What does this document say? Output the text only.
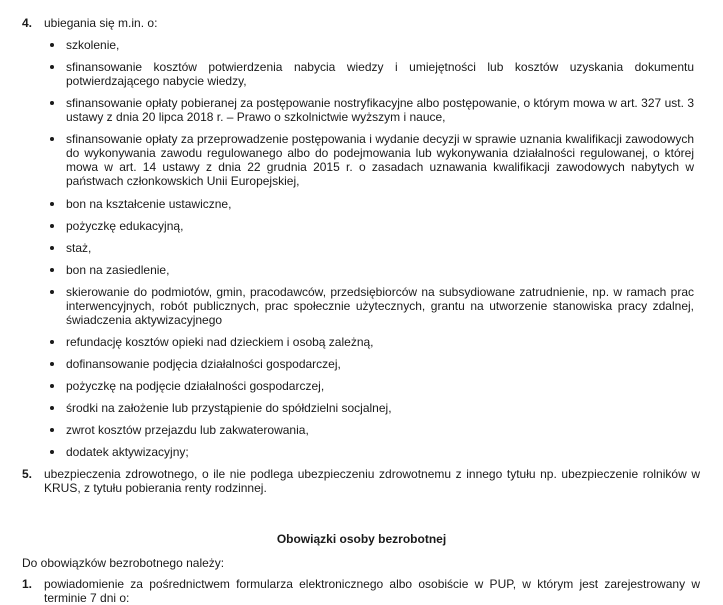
4. ubiegania się m.in. o:
szkolenie,
sfinansowanie kosztów potwierdzenia nabycia wiedzy i umiejętności lub kosztów uzyskania dokumentu potwierdzającego nabycie wiedzy,
sfinansowanie opłaty pobieranej za postępowanie nostryfikacyjne albo postępowanie, o którym mowa w art. 327 ust. 3 ustawy z dnia 20 lipca 2018 r. – Prawo o szkolnictwie wyższym i nauce,
sfinansowanie opłaty za przeprowadzenie postępowania i wydanie decyzji w sprawie uznania kwalifikacji zawodowych do wykonywania zawodu regulowanego albo do podejmowania lub wykonywania działalności regulowanej, o której mowa w art. 14 ustawy z dnia 22 grudnia 2015 r. o zasadach uznawania kwalifikacji zawodowych nabytych w państwach członkowskich Unii Europejskiej,
bon na kształcenie ustawiczne,
pożyczkę edukacyjną,
staż,
bon na zasiedlenie,
skierowanie do podmiotów, gmin, pracodawców, przedsiębiorców na subsydiowane zatrudnienie, np. w ramach prac interwencyjnych, robót publicznych, prac społecznie użytecznych, grantu na utworzenie stanowiska pracy zdalnej, świadczenia aktywizacyjnego
refundację kosztów opieki nad dzieckiem i osobą zależną,
dofinansowanie podjęcia działalności gospodarczej,
pożyczkę na podjęcie działalności gospodarczej,
środki na założenie lub przystąpienie do spółdzielni socjalnej,
zwrot kosztów przejazdu lub zakwaterowania,
dodatek aktywizacyjny;
5. ubezpieczenia zdrowotnego, o ile nie podlega ubezpieczeniu zdrowotnemu z innego tytułu np. ubezpieczenie rolników w KRUS, z tytułu pobierania renty rodzinnej.
Obowiązki osoby bezrobotnej
Do obowiązków bezrobotnego należy:
1. powiadomienie za pośrednictwem formularza elektronicznego albo osobiście w PUP, w którym jest zarejestrowany w terminie 7 dni o:
